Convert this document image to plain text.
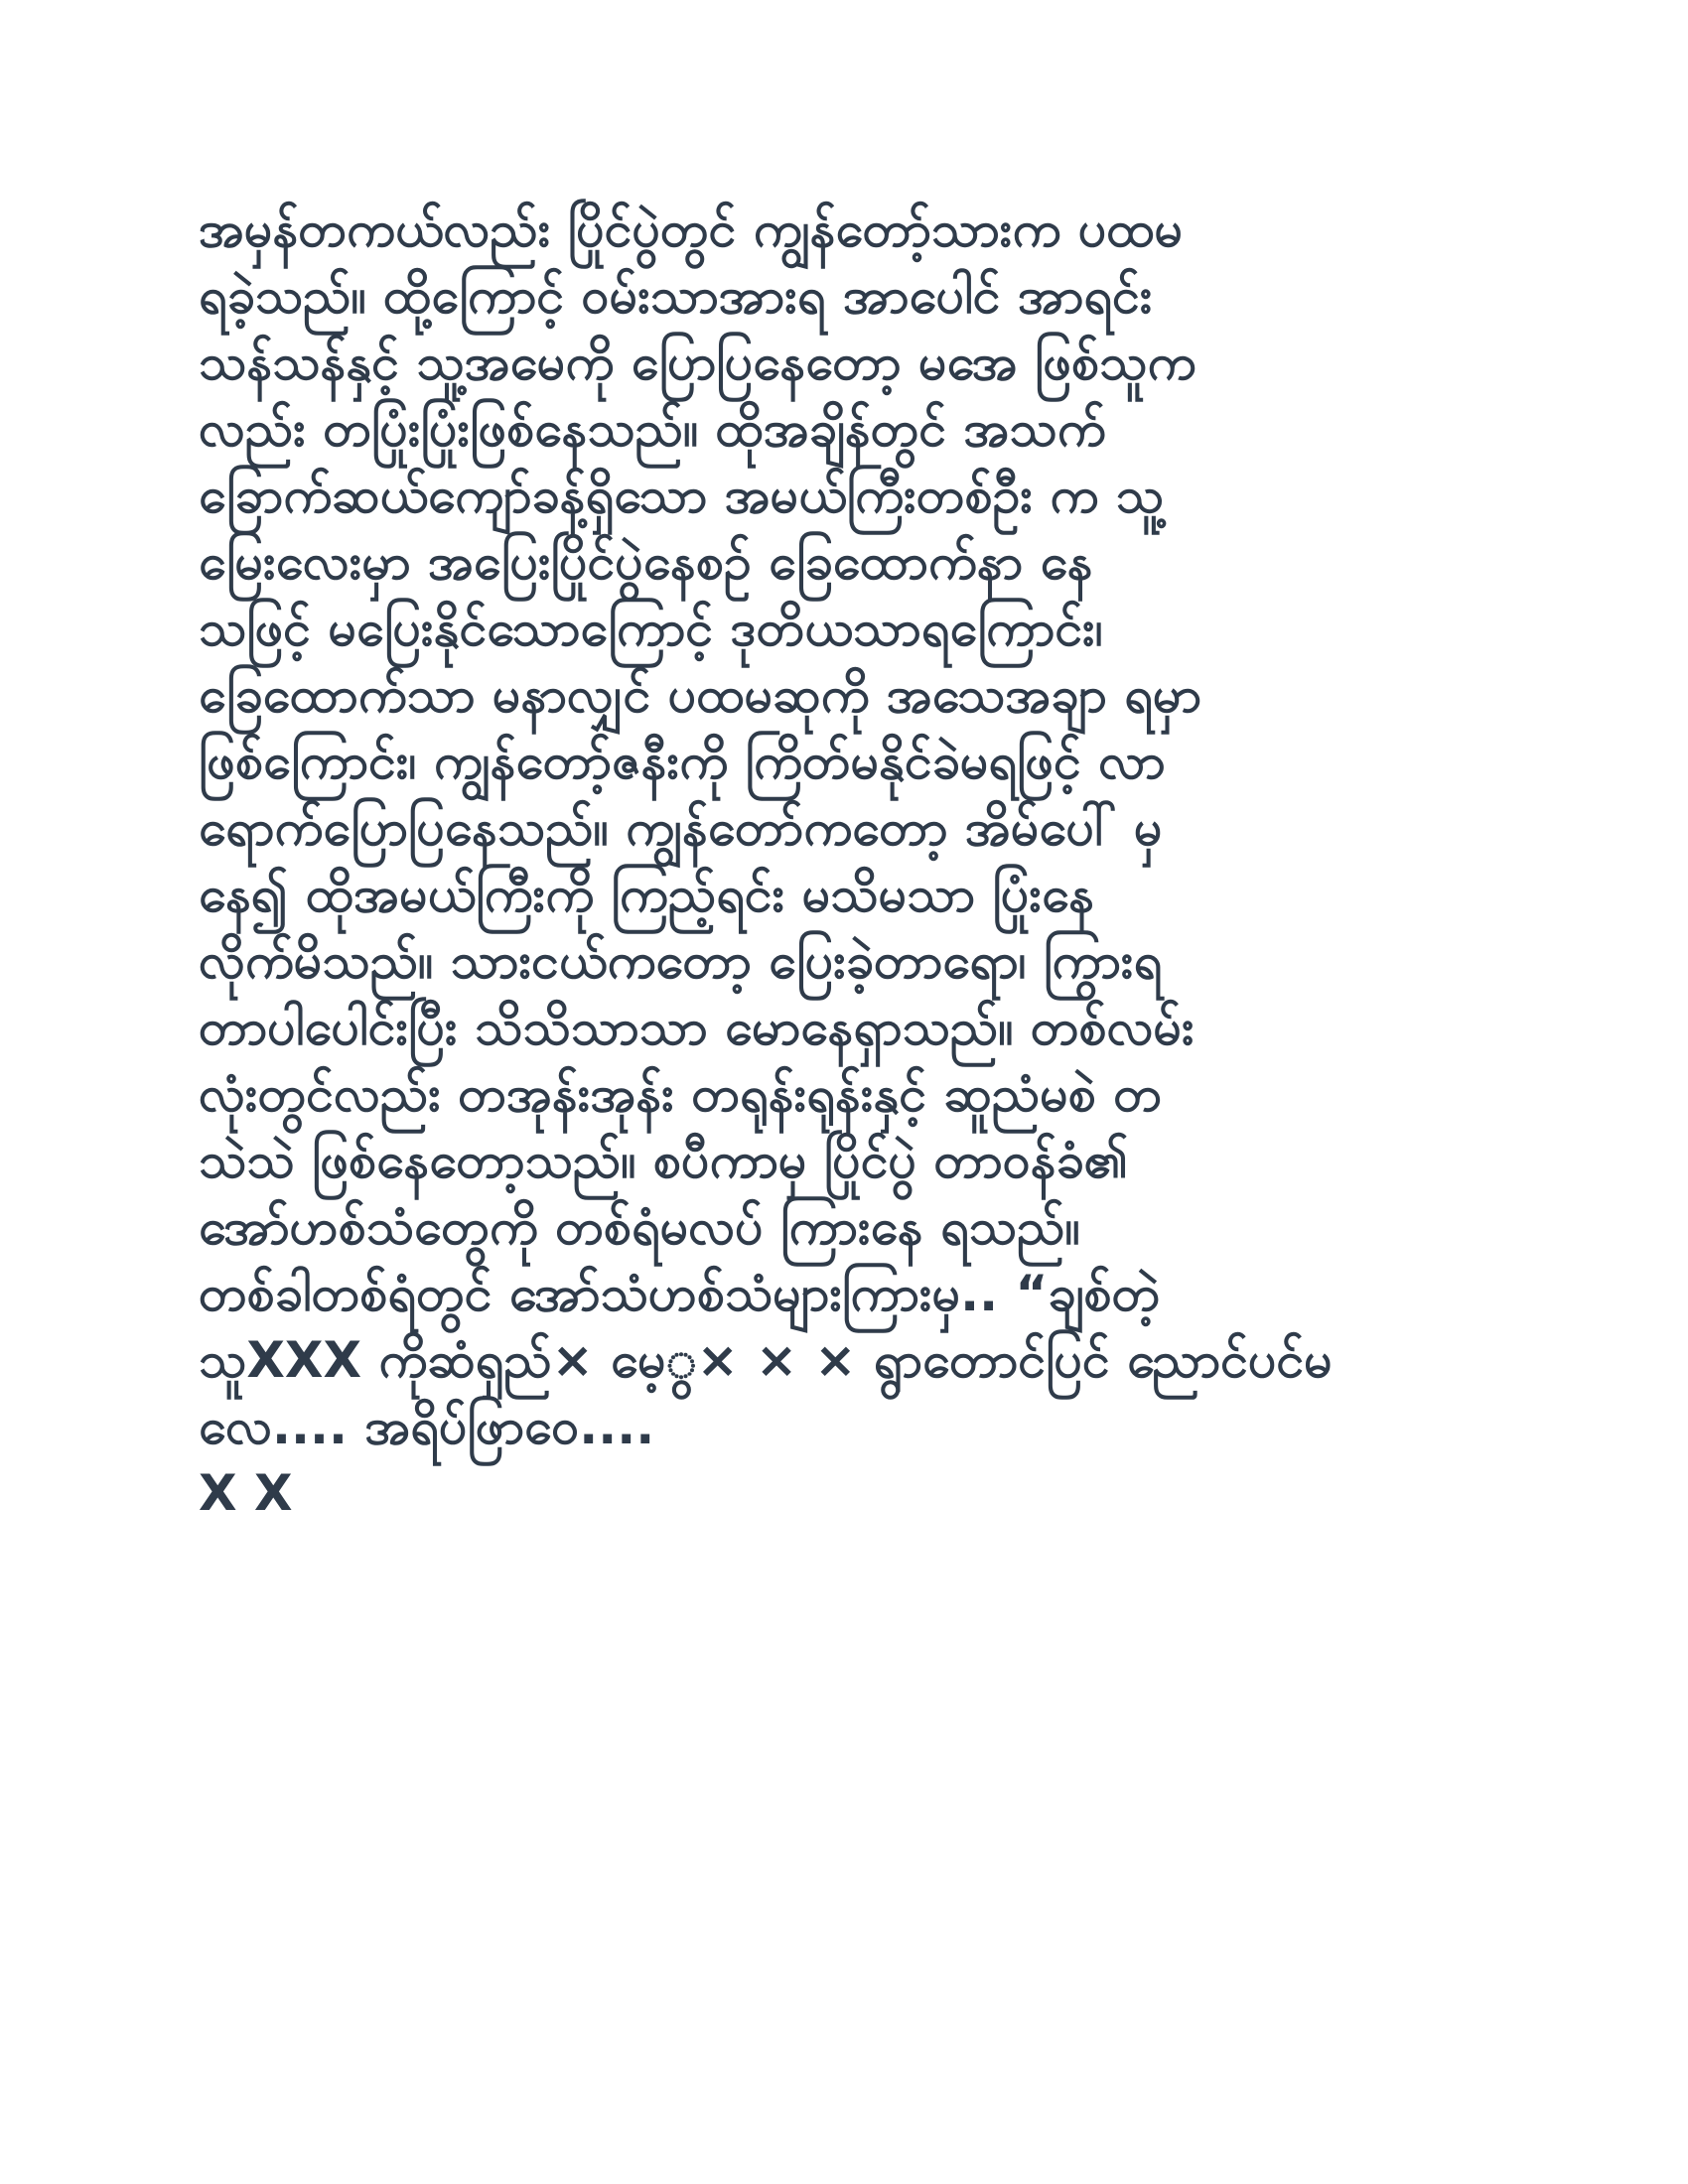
အမှန်တကယ်လည်း ပြိုင်ပွဲတွင် ကျွန်တော့်သားက ပထမ
ရခဲ့သည်။ ထို့ကြောင့် ဝမ်းသာအားရ အာပေါင် အာရင်း
သန်သန်နှင့် သူ့အမေကို ပြောပြနေတော့ မအေ ဖြစ်သူက
လည်း တပြုံးပြုံးဖြစ်နေသည်။ ထိုအချိန်တွင် အသက်
ခြောက်ဆယ်ကျော်ခန့်ရှိသော အမယ်ကြီးတစ်ဦး က သူ့
မြေးလေးမှာ အပြေးပြိုင်ပွဲနေစဉ် ခြေထောက်နာ နေ
သဖြင့် မပြေးနိုင်သောကြောင့် ဒုတိယသာရကြောင်း၊
ခြေထောက်သာ မနာလျှင် ပထမဆုကို အသေအချာ ရမှာ
ဖြစ်ကြောင်း၊ ကျွန်တော့်ဇနီးကို ကြိတ်မနိုင်ခဲမရဖြင့် လာ
ရောက်ပြောပြနေသည်။ ကျွန်တော်ကတော့ အိမ်ပေါ် မှ
နေ၍ ထိုအမယ်ကြီးကို ကြည့်ရင်း မသိမသာ ပြုံးနေ
လိုက်မိသည်။ သားငယ်ကတော့ ပြေးခဲ့တာရော၊ ကြွားရ
တာပါပေါင်းပြီး သိသိသာသာ မောနေရှာသည်။ တစ်လမ်း
လုံးတွင်လည်း တအုန်းအုန်း တရုန်းရုန်းနှင့် ဆူညံမစဲ တ
သဲသဲ ဖြစ်နေတော့သည်။ စပီကာမှ ပြိုင်ပွဲ တာဝန်ခံ၏
အော်ဟစ်သံတွေကို တစ်ရံမလပ် ကြားနေ ရသည်။
တစ်ခါတစ်ရံတွင် အော်သံဟစ်သံများကြားမှ.. “ချစ်တဲ့
သူXXX ကိုဆံရှည်× မေ့ွ× × × ရွာတောင်ပြင် ညောင်ပင်မ
လေ.... အရိပ်ဖြာဝေ....
X X
